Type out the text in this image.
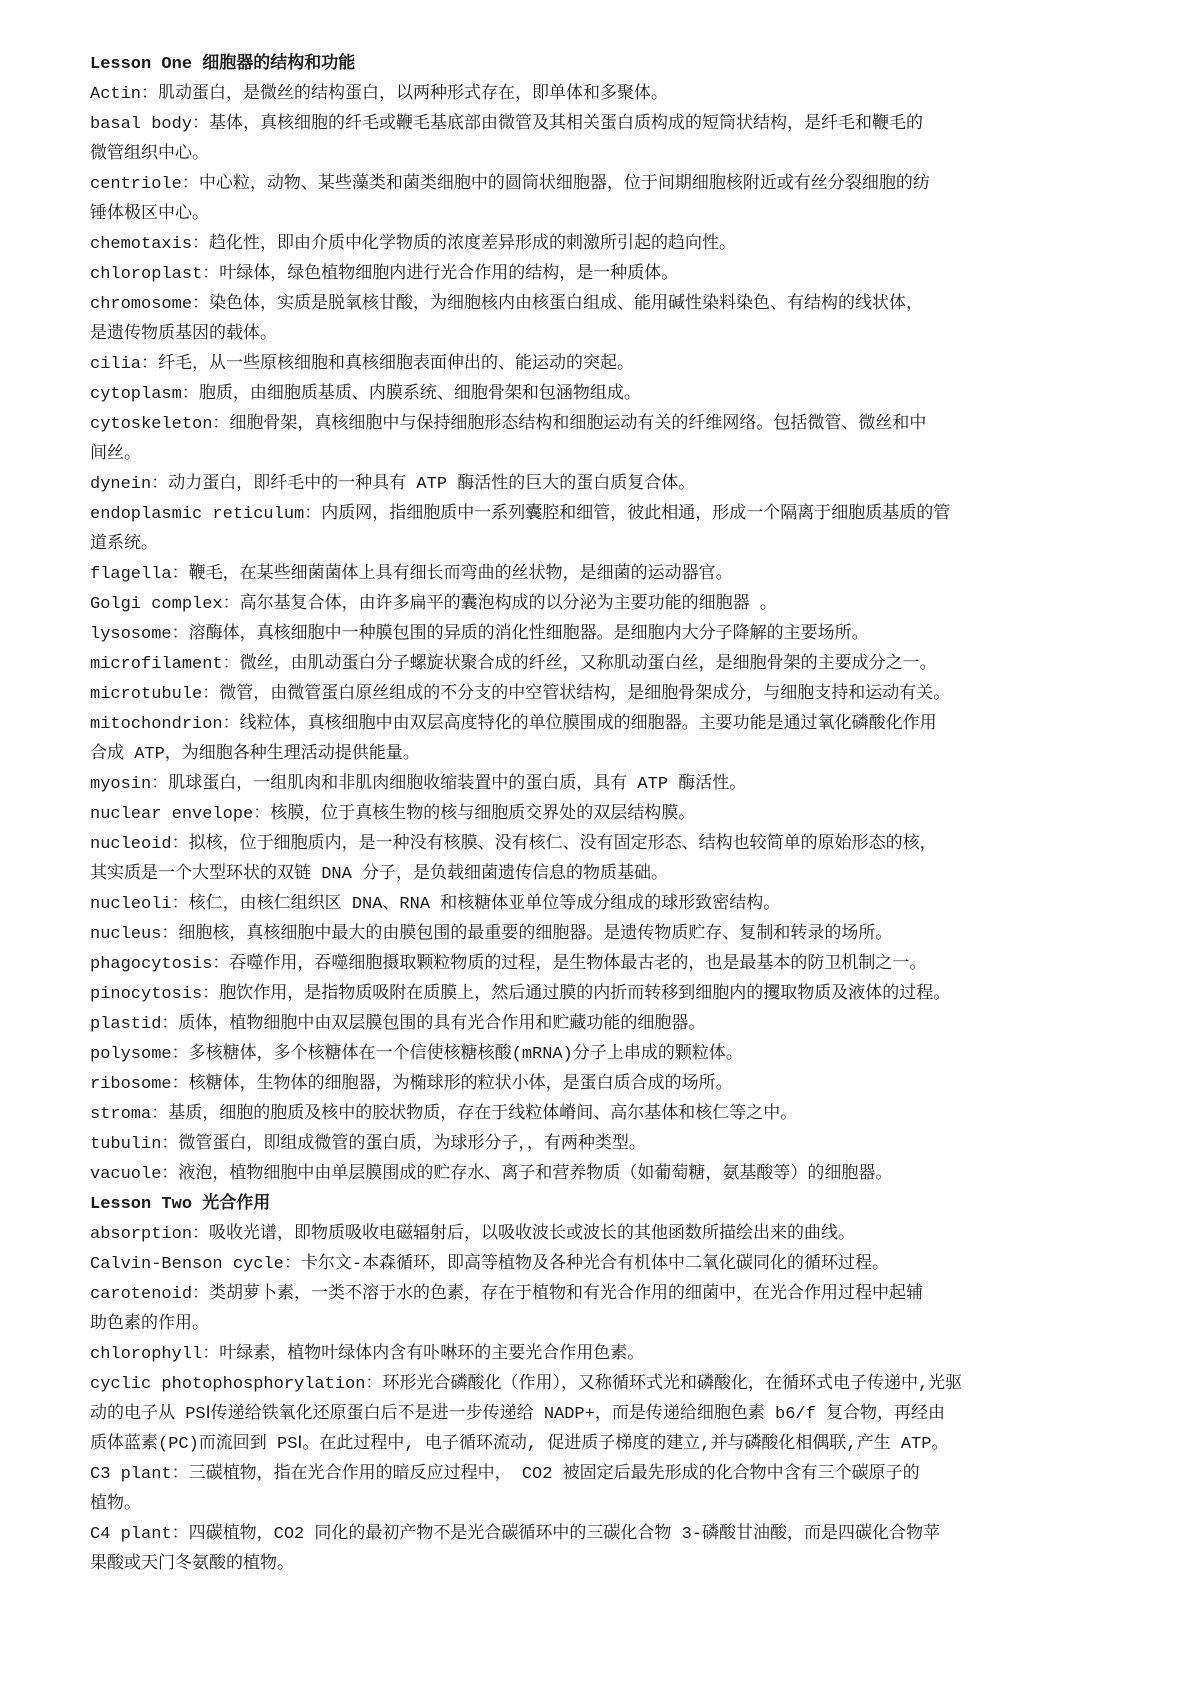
Lesson One 细胞器的结构和功能
Actin：肌动蛋白，是微丝的结构蛋白，以两种形式存在，即单体和多聚体。
basal body：基体，真核细胞的纤毛或鞭毛基底部由微管及其相关蛋白质构成的短筒状结构，是纤毛和鞭毛的
微管组织中心。
centriole：中心粒，动物、某些藻类和菌类细胞中的圆筒状细胞器，位于间期细胞核附近或有丝分裂细胞的纺
锤体极区中心。
chemotaxis：趋化性，即由介质中化学物质的浓度差异形成的刺激所引起的趋向性。
chloroplast：叶绿体，绿色植物细胞内进行光合作用的结构，是一种质体。
chromosome：染色体，实质是脱氧核甘酸，为细胞核内由核蛋白组成、能用碱性染料染色、有结构的线状体，
是遗传物质基因的载体。
cilia：纤毛，从一些原核细胞和真核细胞表面伸出的、能运动的突起。
cytoplasm：胞质，由细胞质基质、内膜系统、细胞骨架和包涵物组成。
cytoskeleton：细胞骨架，真核细胞中与保持细胞形态结构和细胞运动有关的纤维网络。包括微管、微丝和中
间丝。
dynein：动力蛋白，即纤毛中的一种具有 ATP 酶活性的巨大的蛋白质复合体。
endoplasmic reticulum：内质网，指细胞质中一系列囊腔和细管，彼此相通，形成一个隔离于细胞质基质的管
道系统。
flagella：鞭毛，在某些细菌菌体上具有细长而弯曲的丝状物，是细菌的运动器官。
Golgi complex：高尔基复合体，由许多扁平的囊泡构成的以分泌为主要功能的细胞器 。
lysosome：溶酶体，真核细胞中一种膜包围的异质的消化性细胞器。是细胞内大分子降解的主要场所。
microfilament：微丝，由肌动蛋白分子螺旋状聚合成的纤丝，又称肌动蛋白丝，是细胞骨架的主要成分之一。
microtubule：微管，由微管蛋白原丝组成的不分支的中空管状结构，是细胞骨架成分，与细胞支持和运动有关。
mitochondrion：线粒体，真核细胞中由双层高度特化的单位膜围成的细胞器。主要功能是通过氧化磷酸化作用
合成 ATP，为细胞各种生理活动提供能量。
myosin：肌球蛋白，一组肌肉和非肌肉细胞收缩装置中的蛋白质，具有 ATP 酶活性。
nuclear envelope：核膜，位于真核生物的核与细胞质交界处的双层结构膜。
nucleoid：拟核，位于细胞质内，是一种没有核膜、没有核仁、没有固定形态、结构也较简单的原始形态的核，
其实质是一个大型环状的双链 DNA 分子，是负载细菌遗传信息的物质基础。
nucleoli：核仁，由核仁组织区 DNA、RNA 和核糖体亚单位等成分组成的球形致密结构。
nucleus：细胞核，真核细胞中最大的由膜包围的最重要的细胞器。是遗传物质贮存、复制和转录的场所。
phagocytosis：吞噬作用，吞噬细胞摄取颗粒物质的过程，是生物体最古老的，也是最基本的防卫机制之一。
pinocytosis：胞饮作用，是指物质吸附在质膜上，然后通过膜的内折而转移到细胞内的攫取物质及液体的过程。
plastid：质体，植物细胞中由双层膜包围的具有光合作用和贮藏功能的细胞器。
polysome：多核糖体，多个核糖体在一个信使核糖核酸(mRNA)分子上串成的颗粒体。
ribosome：核糖体，生物体的细胞器，为椭球形的粒状小体，是蛋白质合成的场所。
stroma：基质，细胞的胞质及核中的胶状物质，存在于线粒体嵴间、高尔基体和核仁等之中。
tubulin：微管蛋白，即组成微管的蛋白质，为球形分子，，有两种类型。
vacuole：液泡，植物细胞中由单层膜围成的贮存水、离子和营养物质（如葡萄糖，氨基酸等）的细胞器。
Lesson Two 光合作用
absorption：吸收光谱，即物质吸收电磁辐射后，以吸收波长或波长的其他函数所描绘出来的曲线。
Calvin-Benson cycle：卡尔文-本森循环，即高等植物及各种光合有机体中二氧化碳同化的循环过程。
carotenoid：类胡萝卜素，一类不溶于水的色素，存在于植物和有光合作用的细菌中，在光合作用过程中起辅
助色素的作用。
chlorophyll：叶绿素，植物叶绿体内含有卟啉环的主要光合作用色素。
cyclic photophosphorylation：环形光合磷酸化（作用），又称循环式光和磷酸化，在循环式电子传递中,光驱
动的电子从 PSⅠ传递给铁氧化还原蛋白后不是进一步传递给 NADP+，而是传递给细胞色素 b6/f 复合物，再经由
质体蓝素(PC)而流回到 PSⅠ。在此过程中, 电子循环流动, 促进质子梯度的建立,并与磷酸化相偶联,产生 ATP。
C3 plant：三碳植物，指在光合作用的暗反应过程中， CO2 被固定后最先形成的化合物中含有三个碳原子的
植物。
C4 plant：四碳植物，CO2 同化的最初产物不是光合碳循环中的三碳化合物 3-磷酸甘油酸，而是四碳化合物苹
果酸或天门冬氨酸的植物。
